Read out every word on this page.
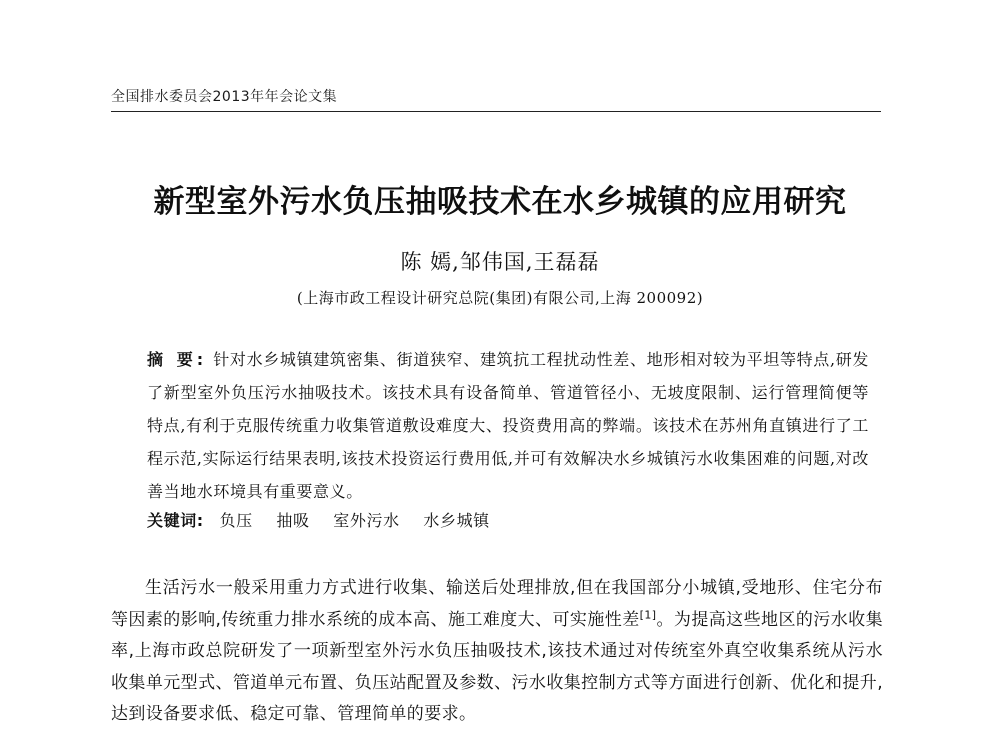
全国排水委员会2013年年会论文集
新型室外污水负压抽吸技术在水乡城镇的应用研究
陈 嫣,邹伟国,王磊磊
(上海市政工程设计研究总院(集团)有限公司,上海 200092)

摘 要: 针对水乡城镇建筑密集、街道狭窄、建筑抗工程扰动性差、地形相对较为平坦等特点,研发了新型室外负压污水抽吸技术。该技术具有设备简单、管道管径小、无坡度限制、运行管理简便等特点,有利于克服传统重力收集管道敷设难度大、投资费用高的弊端。该技术在苏州角直镇进行了工程示范,实际运行结果表明,该技术投资运行费用低,并可有效解决水乡城镇污水收集困难的问题,对改善当地水环境具有重要意义。

关键词: 负压 抽吸 室外污水 水乡城镇

生活污水一般采用重力方式进行收集、输送后处理排放,但在我国部分小城镇,受地形、住宅分布等因素的影响,传统重力排水系统的成本高、施工难度大、可实施性差[1]。为提高这些地区的污水收集率,上海市政总院研发了一项新型室外污水负压抽吸技术,该技术通过对传统室外真空收集系统从污水收集单元型式、管道单元布置、负压站配置及参数、污水收集控制方式等方面进行创新、优化和提升,达到设备要求低、稳定可靠、管理简单的要求。
